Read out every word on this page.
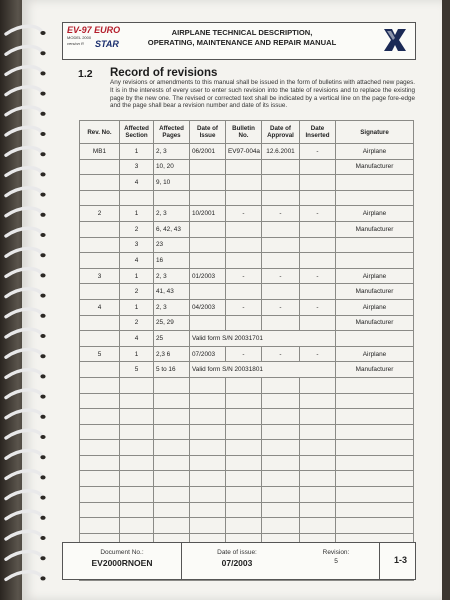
EV-97 EURO
MODEL 2000
version R STAR
AIRPLANE TECHNICAL DESCRIPTION,
OPERATING, MAINTENANCE AND REPAIR MANUAL
1.2 Record of revisions
Any revisions or amendments to this manual shall be issued in the form of bulletins with attached new pages. It is in the interests of every user to enter such revision into the table of revisions and to replace the existing page by the new one. The revised or corrected text shall be indicated by a vertical line on the page fore-edge and the page shall bear a revision number and date of its issue.
Rev. No.	Affected Section	Affected Pages	Date of Issue	Bulletin No.	Date of Approval	Date Inserted	Signature
MB1	1	2, 3	06/2001	EV97-004a	12.6.2001	-	Airplane
	3	10, 20					Manufacturer
	4	9, 10					

2	1	2, 3	10/2001	-	-	-	Airplane
	2	6, 42, 43					Manufacturer
	3	23					
	4	16					
3	1	2, 3	01/2003	-	-	-	Airplane
	2	41, 43					Manufacturer
4	1	2, 3	04/2003	-	-	-	Airplane
	2	25, 29					Manufacturer
	4	25	Valid form S/N 20031701				
5	1	2,3 6	07/2003	-	-	-	Airplane
	5	5 to 16	Valid form S/N 20031801				Manufacturer

Document No.:
EV2000RNOEN
Date of issue:
07/2003
Revision:
5	1-3
